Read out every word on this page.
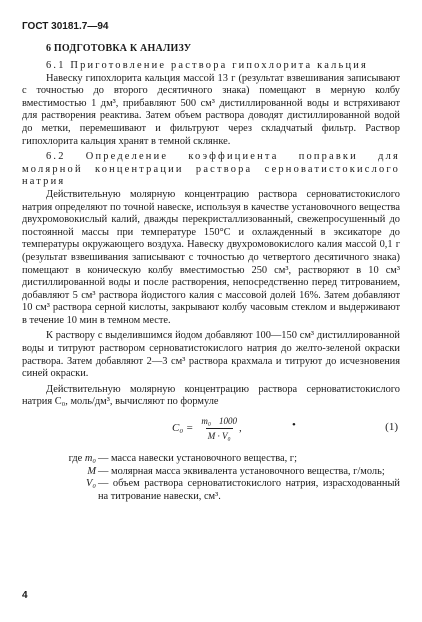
ГОСТ 30181.7—94
6 ПОДГОТОВКА К АНАЛИЗУ

6.1 Приготовление раствора гипохлорита кальция

Навеску гипохлорита кальция массой 13 г (результат взвешивания записывают с точностью до второго десятичного знака) помещают в мерную колбу вместимостью 1 дм³, прибавляют 500 см³ дистиллированной воды и встряхивают для растворения реактива. Затем объем раствора доводят дистиллированной водой до метки, перемешивают и фильтруют через складчатый фильтр. Раствор гипохлорита кальция хранят в темной склянке.

6.2 Определение коэффициента поправки для молярной концентрации раствора серноватистокислого натрия

Действительную молярную концентрацию раствора серноватистокислого натрия определяют по точной навеске, используя в качестве установочного вещества двухромовокислый калий, дважды перекристаллизованный, свежепросушенный до постоянной массы при температуре 150°С и охлажденный в эксикаторе до температуры окружающего воздуха. Навеску двухромовокислого калия массой 0,1 г (результат взвешивания записывают с точностью до четвертого десятичного знака) помещают в коническую колбу вместимостью 250 см³, растворяют в 10 см³ дистиллированной воды и после растворения, непосредственно перед титрованием, добавляют 5 см³ раствора йодистого калия с массовой долей 16%. Затем добавляют 10 см³ раствора серной кислоты, закрывают колбу часовым стеклом и выдерживают в течение 10 мин в темном месте.

К раствору с выделившимся йодом добавляют 100—150 см³ дистиллированной воды и титруют раствором серноватистокислого натрия до желто-зеленой окраски раствора. Затем добавляют 2—3 см³ раствора крахмала и титруют до исчезновения синей окраски.

Действительную молярную концентрацию раствора серноватистокислого натрия С₀, моль/дм³, вычисляют по формуле

$C_0 = \frac{\text{m₀ 1000}}{\text{M · V₀}}$ ,	•	(1)
где m₀ — масса навески установочного вещества, г;
M — молярная масса эквивалента установочного вещества, г/моль;
V₀ — объем раствора серноватистокислого натрия, израсходованный на титрование навески, см³.
4
